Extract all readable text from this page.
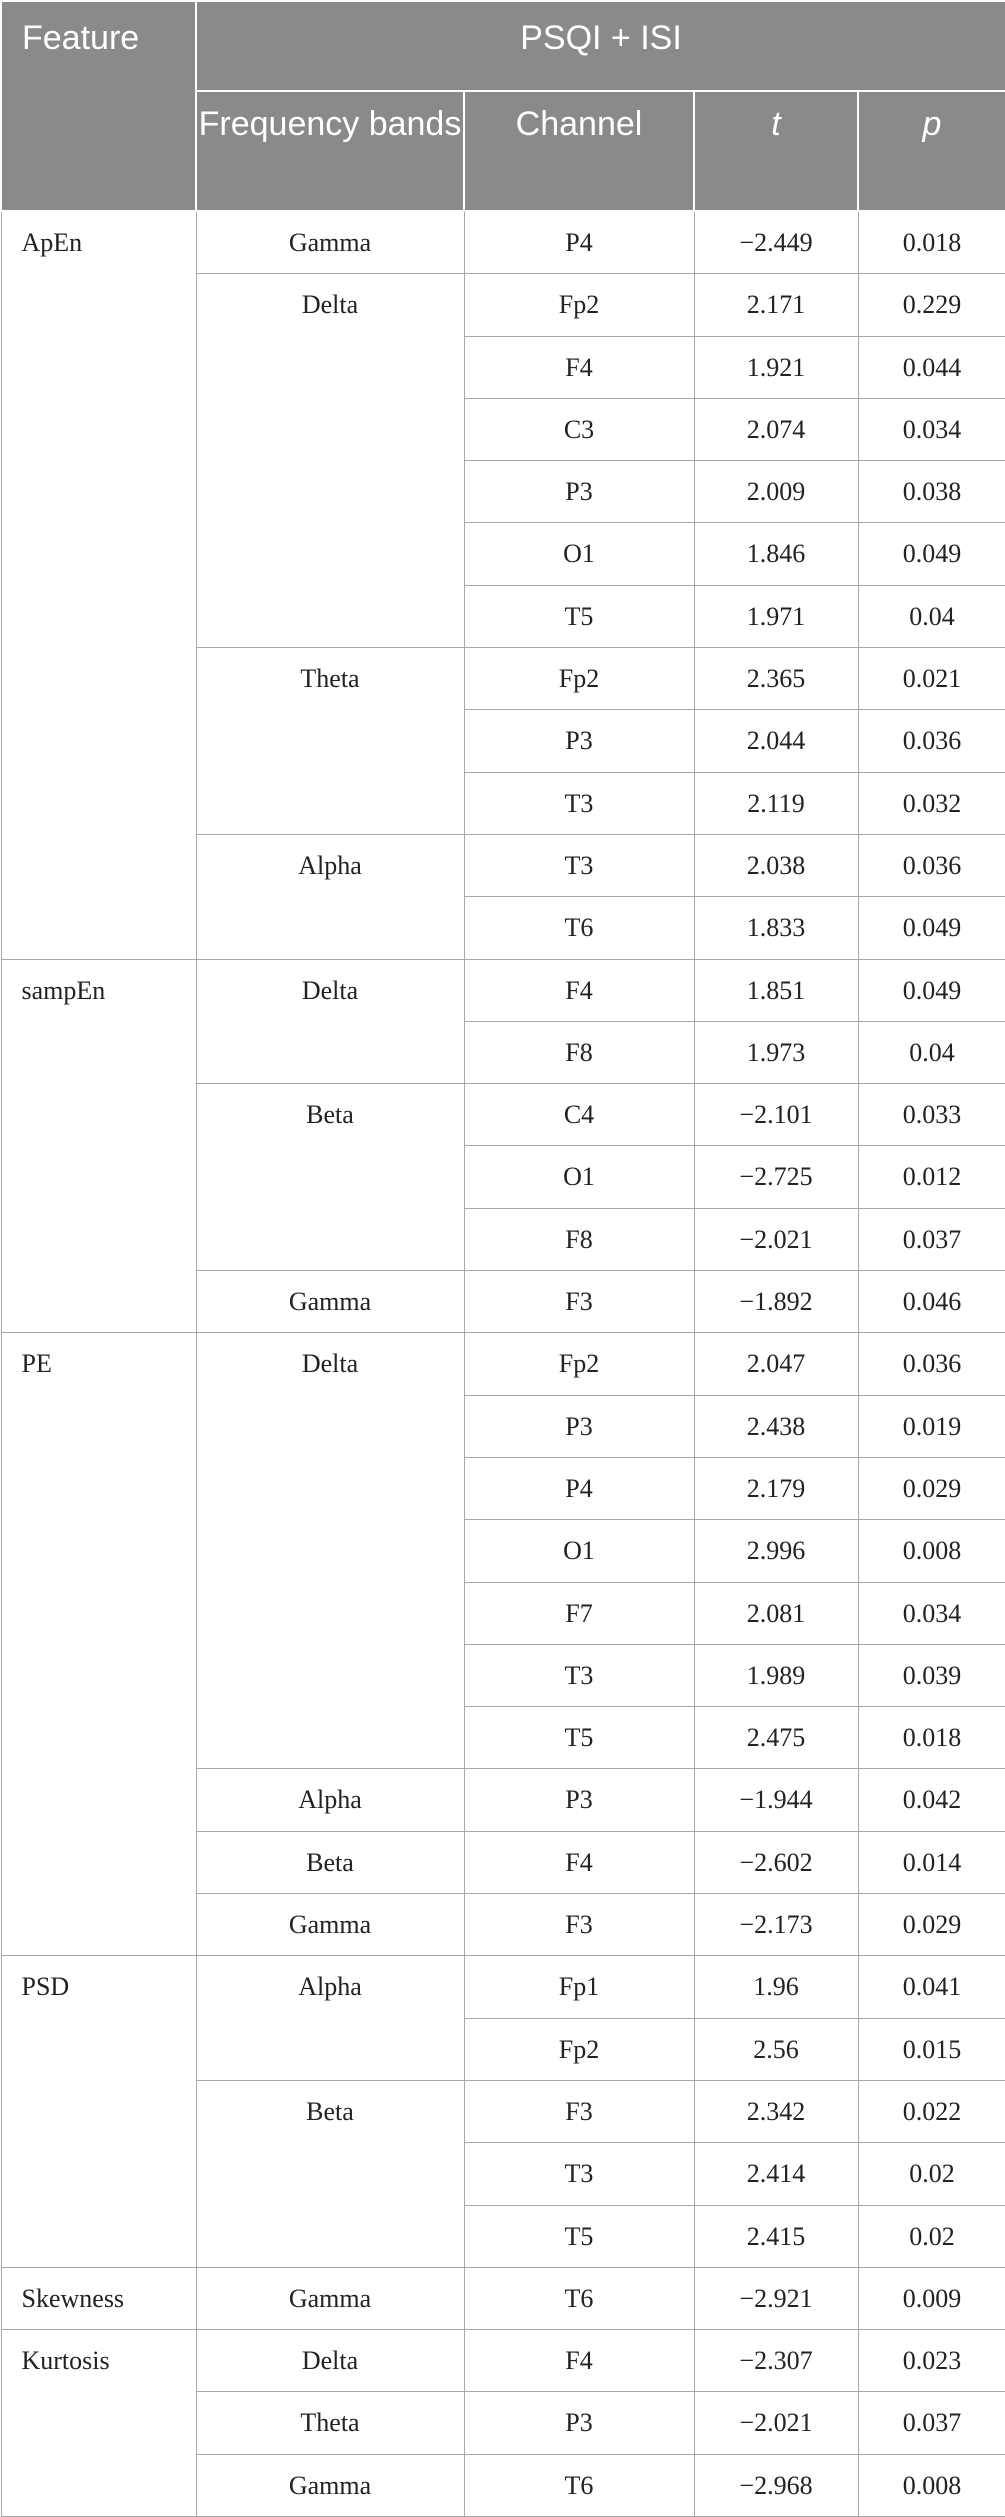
Feature	PSQI + ISI			
	Frequency bands	Channel	t	p
ApEn	Gamma	P4	−2.449	0.018
	Delta	Fp2	2.171	0.229
		F4	1.921	0.044
		C3	2.074	0.034
		P3	2.009	0.038
		O1	1.846	0.049
		T5	1.971	0.04
	Theta	Fp2	2.365	0.021
		P3	2.044	0.036
		T3	2.119	0.032
	Alpha	T3	2.038	0.036
		T6	1.833	0.049
sampEn	Delta	F4	1.851	0.049
		F8	1.973	0.04
	Beta	C4	−2.101	0.033
		O1	−2.725	0.012
		F8	−2.021	0.037
	Gamma	F3	−1.892	0.046
PE	Delta	Fp2	2.047	0.036
		P3	2.438	0.019
		P4	2.179	0.029
		O1	2.996	0.008
		F7	2.081	0.034
		T3	1.989	0.039
		T5	2.475	0.018
	Alpha	P3	−1.944	0.042
	Beta	F4	−2.602	0.014
	Gamma	F3	−2.173	0.029
PSD	Alpha	Fp1	1.96	0.041
		Fp2	2.56	0.015
	Beta	F3	2.342	0.022
		T3	2.414	0.02
		T5	2.415	0.02
Skewness	Gamma	T6	−2.921	0.009
Kurtosis	Delta	F4	−2.307	0.023
	Theta	P3	−2.021	0.037
	Gamma	T6	−2.968	0.008
